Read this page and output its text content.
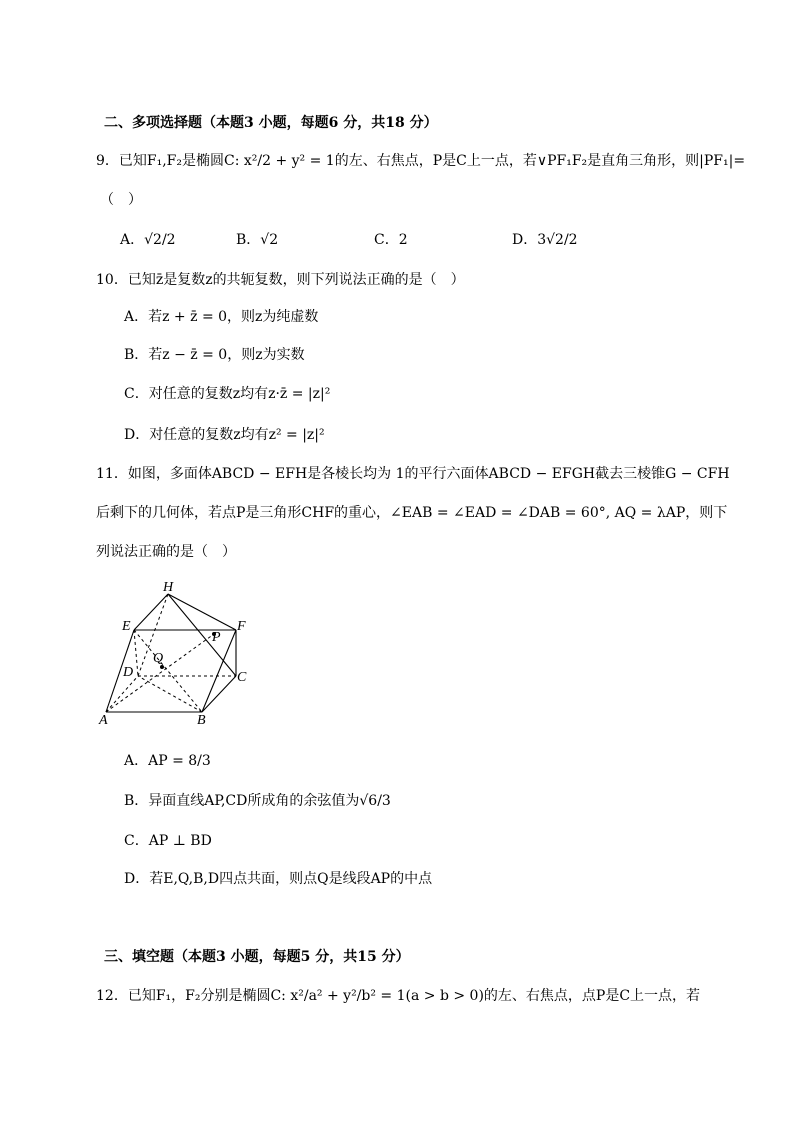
二、多项选择题（本题3 小题，每题6 分，共18 分）
9．已知F₁,F₂是椭圆C: x²/2 + y² = 1的左、右焦点，P是C上一点，若∨PF₁F₂是直角三角形，则|PF₁|=
（　）
A．√2/2	B．√2	C．2	D．3√2/2
10．已知z̄是复数z的共轭复数，则下列说法正确的是（　）
A．若z + z̄ = 0，则z为纯虚数
B．若z − z̄ = 0，则z为实数
C．对任意的复数z均有z·z̄ = |z|²
D．对任意的复数z均有z² = |z|²
11．如图，多面体ABCD − EFH是各棱长均为 1的平行六面体ABCD − EFGH截去三棱锥G − CFH
后剩下的几何体，若点P是三角形CHF的重心，∠EAB = ∠EAD = ∠DAB = 60°, AQ = λAP，则下
列说法正确的是（　）
H
E	F
P
Q
D	C
A	B
A．AP = 8/3
B．异面直线AP,CD所成角的余弦值为√6/3
C．AP ⊥ BD
D．若E,Q,B,D四点共面，则点Q是线段AP的中点
三、填空题（本题3 小题，每题5 分，共15 分）
12．已知F₁，F₂分别是椭圆C: x²/a² + y²/b² = 1(a > b > 0)的左、右焦点，点P是C上一点，若
